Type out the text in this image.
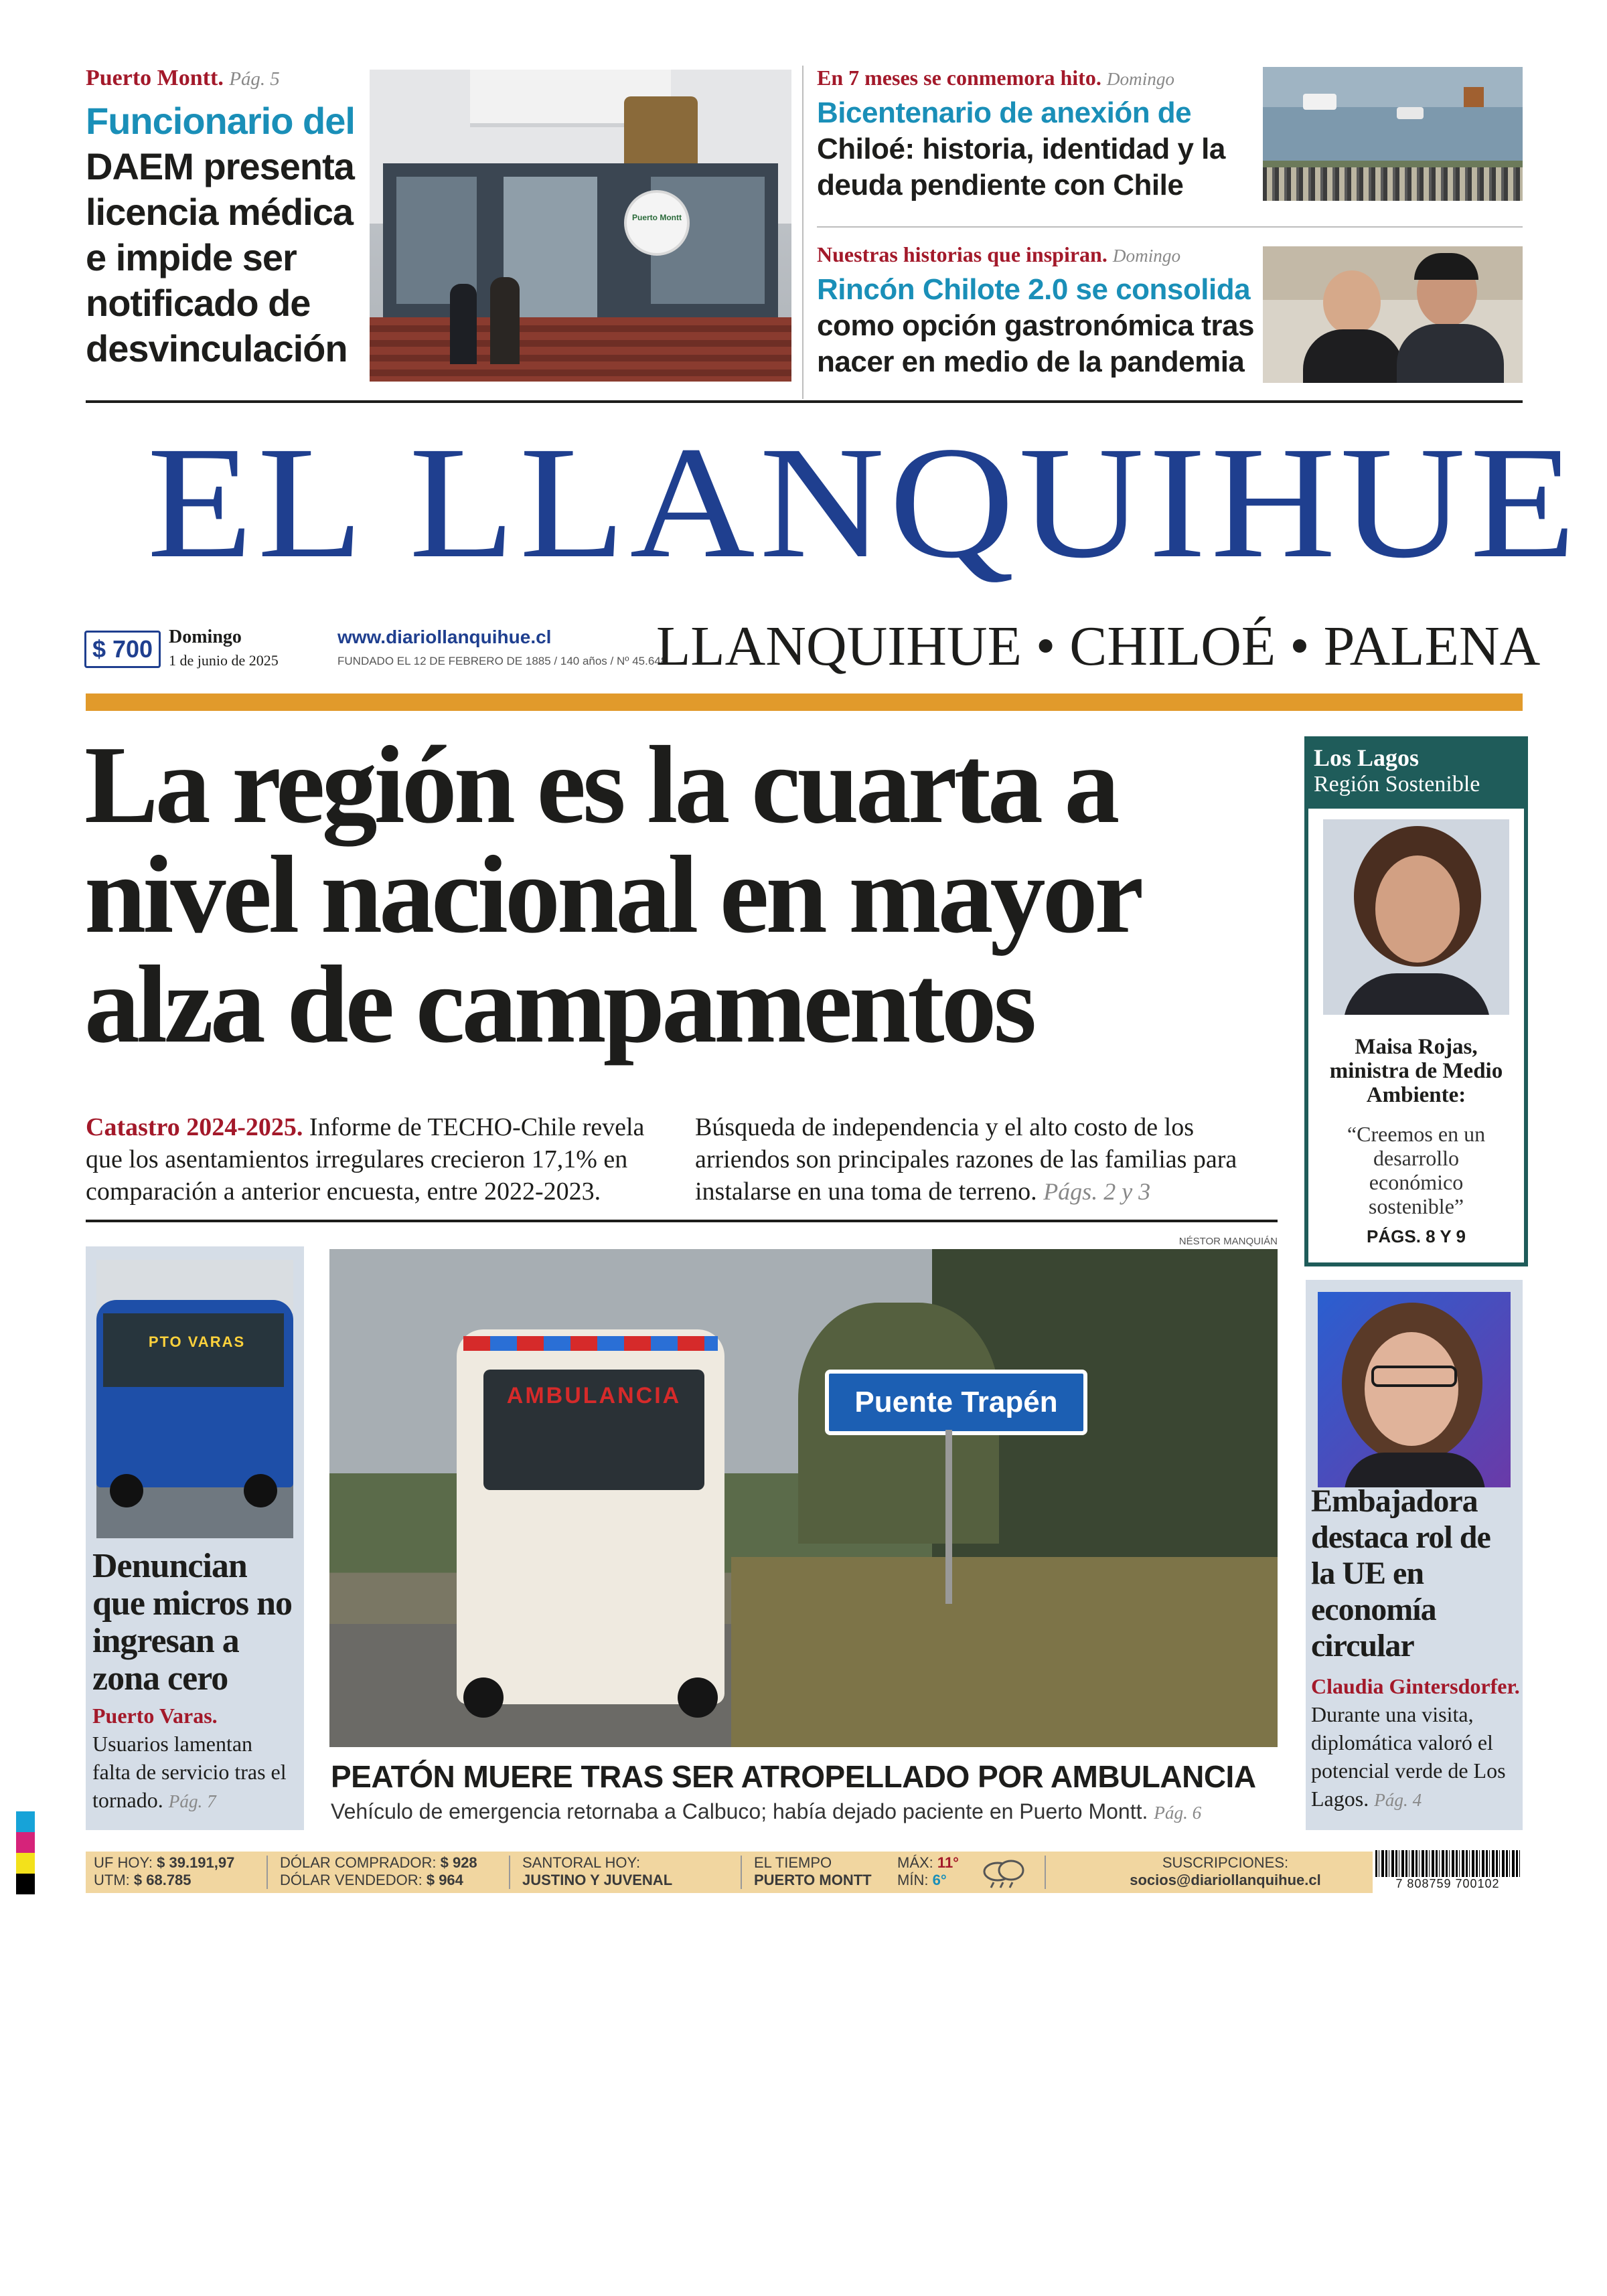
Puerto Montt. Pág. 5
Funcionario del DAEM presenta licencia médica e impide ser notificado de desvinculación
Puerto Montt
En 7 meses se conmemora hito. Domingo
Bicentenario de anexión de Chiloé: historia, identidad y la deuda pendiente con Chile
Nuestras historias que inspiran. Domingo
Rincón Chilote 2.0 se consolida como opción gastronómica tras nacer en medio de la pandemia
EL LLANQUIHUE
$ 700 Domingo
1 de junio de 2025
www.diariollanquihue.cl
FUNDADO EL 12 DE FEBRERO DE 1885 / 140 años / Nº 45.648
LLANQUIHUE • CHILOÉ • PALENA
La región es la cuarta a nivel nacional en mayor alza de campamentos
Catastro 2024-2025. Informe de TECHO-Chile revela que los asentamientos irregulares crecieron 17,1% en comparación a anterior encuesta, entre 2022-2023.
Búsqueda de independencia y el alto costo de los arriendos son principales razones de las familias para instalarse en una toma de terreno. Págs. 2 y 3
Los Lagos
Región Sostenible
Maisa Rojas, ministra de Medio Ambiente:
“Creemos en un desarrollo económico sostenible”
PÁGS. 8 Y 9
PTO VARAS
Denuncian que micros no ingresan a zona cero
Puerto Varas. Usuarios lamentan falta de servicio tras el tornado. Pág. 7
NÉSTOR MANQUIÁN
Puente Trapén
AMBULANCIA
PEATÓN MUERE TRAS SER ATROPELLADO POR AMBULANCIA
Vehículo de emergencia retornaba a Calbuco; había dejado paciente en Puerto Montt. Pág. 6
Embajadora destaca rol de la UE en economía circular
Claudia Gintersdorfer. Durante una visita, diplomática valoró el potencial verde de Los Lagos. Pág. 4
UF HOY: $ 39.191,97
UTM: $ 68.785
DÓLAR COMPRADOR: $ 928
DÓLAR VENDEDOR: $ 964
SANTORAL HOY:
JUSTINO Y JUVENAL
EL TIEMPO
PUERTO MONTT
MÁX: 11°
MÍN: 6°
SUSCRIPCIONES:
socios@diariollanquihue.cl	7 808759 700102
